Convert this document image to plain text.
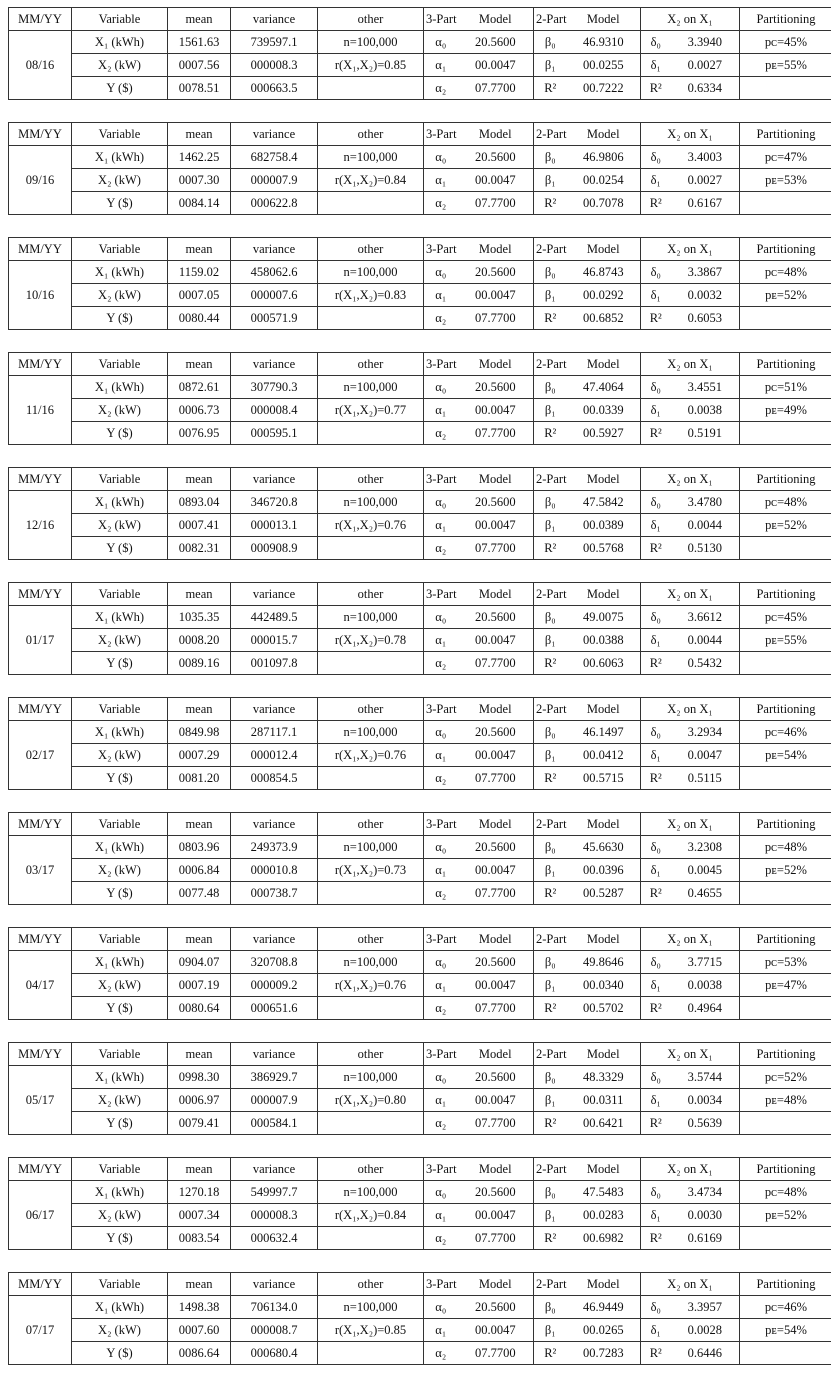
MM/YY	Variable	mean	variance	other	3-Part	Model	2-Part	Model	X₂ on X₁		Partitioning
08/16	X₁ (kWh)	1561.63	739597.1	n=100,000	α₀	20.5600	β₀	46.9310	δ₀	3.3940	pᴄ=45%
	X₂ (kW)	0007.56	000008.3	r(X₁,X₂)=0.85	α₁	00.0047	β₁	00.0255	δ₁	0.0027	pᴇ=55%
	Y ($)	0078.51	000663.5		α₂	07.7700	R²	00.7222	R²	0.6334	
MM/YY	Variable	mean	variance	other	3-Part	Model	2-Part	Model	X₂ on X₁		Partitioning
09/16	X₁ (kWh)	1462.25	682758.4	n=100,000	α₀	20.5600	β₀	46.9806	δ₀	3.4003	pᴄ=47%
	X₂ (kW)	0007.30	000007.9	r(X₁,X₂)=0.84	α₁	00.0047	β₁	00.0254	δ₁	0.0027	pᴇ=53%
	Y ($)	0084.14	000622.8		α₂	07.7700	R²	00.7078	R²	0.6167	
MM/YY	Variable	mean	variance	other	3-Part	Model	2-Part	Model	X₂ on X₁		Partitioning
10/16	X₁ (kWh)	1159.02	458062.6	n=100,000	α₀	20.5600	β₀	46.8743	δ₀	3.3867	pᴄ=48%
	X₂ (kW)	0007.05	000007.6	r(X₁,X₂)=0.83	α₁	00.0047	β₁	00.0292	δ₁	0.0032	pᴇ=52%
	Y ($)	0080.44	000571.9		α₂	07.7700	R²	00.6852	R²	0.6053	
MM/YY	Variable	mean	variance	other	3-Part	Model	2-Part	Model	X₂ on X₁		Partitioning
11/16	X₁ (kWh)	0872.61	307790.3	n=100,000	α₀	20.5600	β₀	47.4064	δ₀	3.4551	pᴄ=51%
	X₂ (kW)	0006.73	000008.4	r(X₁,X₂)=0.77	α₁	00.0047	β₁	00.0339	δ₁	0.0038	pᴇ=49%
	Y ($)	0076.95	000595.1		α₂	07.7700	R²	00.5927	R²	0.5191	
MM/YY	Variable	mean	variance	other	3-Part	Model	2-Part	Model	X₂ on X₁		Partitioning
12/16	X₁ (kWh)	0893.04	346720.8	n=100,000	α₀	20.5600	β₀	47.5842	δ₀	3.4780	pᴄ=48%
	X₂ (kW)	0007.41	000013.1	r(X₁,X₂)=0.76	α₁	00.0047	β₁	00.0389	δ₁	0.0044	pᴇ=52%
	Y ($)	0082.31	000908.9		α₂	07.7700	R²	00.5768	R²	0.5130	
MM/YY	Variable	mean	variance	other	3-Part	Model	2-Part	Model	X₂ on X₁		Partitioning
01/17	X₁ (kWh)	1035.35	442489.5	n=100,000	α₀	20.5600	β₀	49.0075	δ₀	3.6612	pᴄ=45%
	X₂ (kW)	0008.20	000015.7	r(X₁,X₂)=0.78	α₁	00.0047	β₁	00.0388	δ₁	0.0044	pᴇ=55%
	Y ($)	0089.16	001097.8		α₂	07.7700	R²	00.6063	R²	0.5432	
MM/YY	Variable	mean	variance	other	3-Part	Model	2-Part	Model	X₂ on X₁		Partitioning
02/17	X₁ (kWh)	0849.98	287117.1	n=100,000	α₀	20.5600	β₀	46.1497	δ₀	3.2934	pᴄ=46%
	X₂ (kW)	0007.29	000012.4	r(X₁,X₂)=0.76	α₁	00.0047	β₁	00.0412	δ₁	0.0047	pᴇ=54%
	Y ($)	0081.20	000854.5		α₂	07.7700	R²	00.5715	R²	0.5115	
MM/YY	Variable	mean	variance	other	3-Part	Model	2-Part	Model	X₂ on X₁		Partitioning
03/17	X₁ (kWh)	0803.96	249373.9	n=100,000	α₀	20.5600	β₀	45.6630	δ₀	3.2308	pᴄ=48%
	X₂ (kW)	0006.84	000010.8	r(X₁,X₂)=0.73	α₁	00.0047	β₁	00.0396	δ₁	0.0045	pᴇ=52%
	Y ($)	0077.48	000738.7		α₂	07.7700	R²	00.5287	R²	0.4655	
MM/YY	Variable	mean	variance	other	3-Part	Model	2-Part	Model	X₂ on X₁		Partitioning
04/17	X₁ (kWh)	0904.07	320708.8	n=100,000	α₀	20.5600	β₀	49.8646	δ₀	3.7715	pᴄ=53%
	X₂ (kW)	0007.19	000009.2	r(X₁,X₂)=0.76	α₁	00.0047	β₁	00.0340	δ₁	0.0038	pᴇ=47%
	Y ($)	0080.64	000651.6		α₂	07.7700	R²	00.5702	R²	0.4964	
MM/YY	Variable	mean	variance	other	3-Part	Model	2-Part	Model	X₂ on X₁		Partitioning
05/17	X₁ (kWh)	0998.30	386929.7	n=100,000	α₀	20.5600	β₀	48.3329	δ₀	3.5744	pᴄ=52%
	X₂ (kW)	0006.97	000007.9	r(X₁,X₂)=0.80	α₁	00.0047	β₁	00.0311	δ₁	0.0034	pᴇ=48%
	Y ($)	0079.41	000584.1		α₂	07.7700	R²	00.6421	R²	0.5639	
MM/YY	Variable	mean	variance	other	3-Part	Model	2-Part	Model	X₂ on X₁		Partitioning
06/17	X₁ (kWh)	1270.18	549997.7	n=100,000	α₀	20.5600	β₀	47.5483	δ₀	3.4734	pᴄ=48%
	X₂ (kW)	0007.34	000008.3	r(X₁,X₂)=0.84	α₁	00.0047	β₁	00.0283	δ₁	0.0030	pᴇ=52%
	Y ($)	0083.54	000632.4		α₂	07.7700	R²	00.6982	R²	0.6169	
MM/YY	Variable	mean	variance	other	3-Part	Model	2-Part	Model	X₂ on X₁		Partitioning
07/17	X₁ (kWh)	1498.38	706134.0	n=100,000	α₀	20.5600	β₀	46.9449	δ₀	3.3957	pᴄ=46%
	X₂ (kW)	0007.60	000008.7	r(X₁,X₂)=0.85	α₁	00.0047	β₁	00.0265	δ₁	0.0028	pᴇ=54%
	Y ($)	0086.64	000680.4		α₂	07.7700	R²	00.7283	R²	0.6446	
